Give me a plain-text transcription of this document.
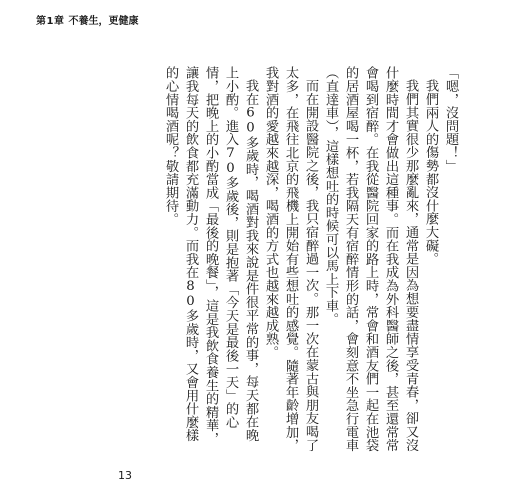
第1章 不養生，更健康

「嗯，沒問題！」

我們兩人的傷勢都沒什麼大礙。

我們其實很少那麼亂來，通常是因為想要盡情享受青春，卻又沒什麼時間才會做出這種事。而在我成為外科醫師之後，甚至還常常會喝到宿醉。在我從醫院回家的路上時，常會和酒友們一起在池袋的居酒屋喝一杯，若我隔天有宿醉情形的話，會刻意不坐急行電車（直達車），這樣想吐的時候可以馬上下車。

而在開設醫院之後，我只宿醉過一次。那一次在蒙古與朋友喝了太多，在飛往北京的飛機上開始有些想吐的感覺。隨著年齡增加，我對酒的愛越來越深，喝酒的方式也越來越成熟。

我在60多歲時，喝酒對我來說是件很平常的事，每天都在晚上小酌。進入70多歲後，則是抱著「今天是最後一天」的心情，把晚上的小酌當成「最後的晚餐」，這是我飲食養生的精華，讓我每天的飲食都充滿動力。而我在80多歲時，又會用什麼樣的心情喝酒呢？敬請期待。

13
